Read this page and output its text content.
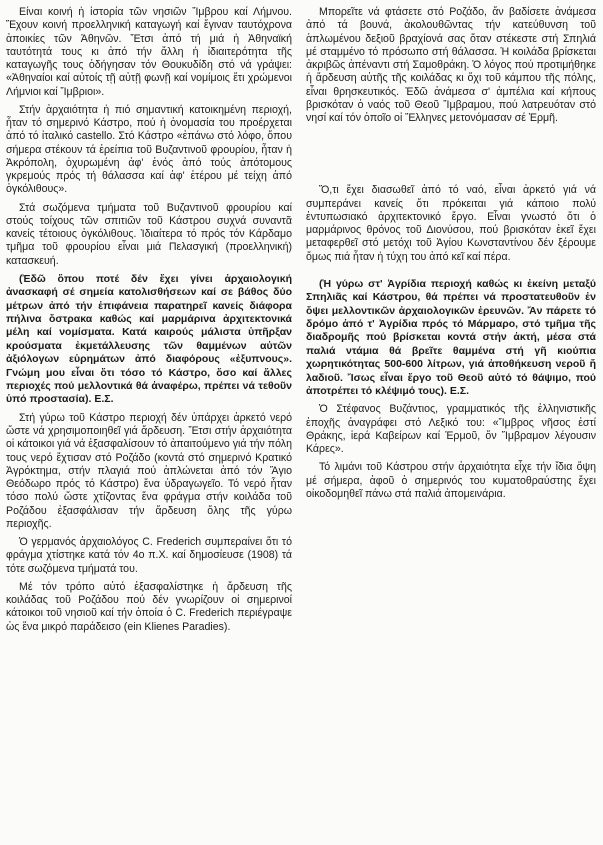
Είναι κοινή ἡ ἱστορία τῶν νησιῶν Ἴμβρου καί Λήμνου. Ἔχουν κοινή προελληνική καταγωγή καί ἔγιναν ταυτόχρονα ἀποικίες τῶν Ἀθηνῶν. Ἔτσι ἀπό τή μιά ἡ Ἀθηναϊκή ταυτότητά τους κι ἀπό τήν ἄλλη ἡ ἰδιαιτερότητα τῆς καταγωγῆς τους ὁδήγησαν τόν Θουκυδίδη στό νά γράψει: «Ἀθηναίοι καί αὐτοίς τῇ αὐτῇ φωνῇ καί νομίμοις ἔτι χρώμενοι Λήμνιοι καί Ἴμβριοι».

Στήν ἀρχαιότητα ἡ πιό σημαντική κατοικημένη περιοχή, ἦταν τό σημερινό Κάστρο, πού ἡ ὀνομασία του προέρχεται ἀπό τό ἰταλικό castello. Στό Κάστρο «ἐπάνω στό λόφο, ὅπου σήμερα στέκουν τά ἐρείπια τοῦ Βυζαντινοῦ φρουρίου, ἦταν ἡ Ἀκρόπολη, ὀχυρωμένη ἀφ' ἑνός ἀπό τούς ἀπότομους γκρεμούς πρός τή θάλασσα καί ἀφ' ἑτέρου μέ τείχη ἀπό ὀγκόλιθους».

Στά σωζόμενα τμήματα τοῦ Βυζαντινοῦ φρουρίου καί στούς τοίχους τῶν σπιτιῶν τοῦ Κάστρου συχνά συναντᾶ κανείς τέτοιους ὀγκόλιθους. Ἰδιαίτερα τό πρός τόν Κάρδαμο τμῆμα τοῦ φρουρίου εἶναι μιά Πελασγική (προελληνική) κατασκευή.

(Ἐδῶ ὅπου ποτέ δέν ἔχει γίνει ἀρχαιολογική ἀνασκαφή σέ σημεία κατολισθήσεων καί σε βάθος δύο μέτρων ἀπό τήν ἐπιφάνεια παρατηρεῖ κανείς διάφορα πήλινα ὄστρακα καθώς καί μαρμάρινα ἀρχιτεκτονικά μέλη καί νομίσματα. Κατά καιρούς μάλιστα ὑπῆρξαν κρούσματα ἐκμετάλλευσης τῶν θαμμένων αὐτῶν ἀξιόλογων εὑρημάτων ἀπό διαφόρους «ἐξυπνους». Γνώμη μου εἶναι ὅτι τόσο τό Κάστρο, ὅσο καί ἄλλες περιοχές πού μελλοντικά θά ἀναφέρω, πρέπει νά τεθοῦν ὑπό προστασία). Ε.Σ.

Στή γύρω τοῦ Κάστρο περιοχή δέν ὑπάρχει ἀρκετό νερό ὥστε νά χρησιμοποιηθεῖ γιά ἄρδευση. Ἔτσι στήν ἀρχαιότητα οἱ κάτοικοι γιά νά ἐξασφαλίσουν τό ἀπαιτούμενο γιά τήν πόλη τους νερό ἔχτισαν στό Ροζάδο (κοντά στό σημερινό Κρατικό Ἀγρόκτημα, στήν πλαγιά πού ἁπλώνεται ἀπό τόν Ἅγιο Θεόδωρο πρός τό Κάστρο) ἕνα ὑδραγωγεῖο. Τό νερό ἦταν τόσο πολύ ὥστε χτίζοντας ἕνα φράγμα στήν κοιλάδα τοῦ Ροζάδου ἐξασφάλισαν τήν ἄρδευση ὅλης τῆς γύρω περιοχῆς.

Ὁ γερμανός ἀρχαιολόγος C. Frederich συμπεραίνει ὅτι τό φράγμα χτίστηκε κατά τόν 4ο π.Χ. καί δημοσίευσε (1908) τά τότε σωζόμενα τμήματά του.

Μέ τόν τρόπο αὐτό ἐξασφαλίστηκε ἡ ἄρδευση τῆς κοιλάδας τοῦ Ροζάδου πού δέν γνωρίζουν οἱ σημερινοί κάτοικοι τοῦ νησιοῦ καί τήν ὁποία ὁ C. Frederich περιέγραψε ὡς ἕνα μικρό παράδεισο (ein Klienes Paradies).

Μπορεῖτε νά φτάσετε στό Ροζάδο, ἄν βαδίσετε ἀνάμεσα ἀπό τά βουνά, ἀκολουθῶντας τήν κατεύθυνση τοῦ ἁπλωμένου δεξιοῦ βραχίονά σας ὅταν στέκεστε στή Σπηλιά μέ σταμμένο τό πρόσωπο στή θάλασσα. Ἡ κοιλάδα βρίσκεται ἀκριβῶς ἀπέναντι στή Σαμοθράκη. Ὁ λόγος πού προτιμήθηκε ἡ ἄρδευση αὐτῆς τῆς κοιλάδας κι ὄχι τοῦ κάμπου τῆς πόλης, εἶναι θρησκευτικός. Ἐδῶ ἀνάμεσα σ' ἀμπέλια καί κήπους βρισκόταν ὁ ναός τοῦ Θεοῦ Ἴμβραμου, πού λατρευόταν στό νησί καί τόν ὁποῖο οἱ Ἕλληνες μετονόμασαν σέ Ἑρμῆ.

Ὅ,τι ἔχει διασωθεῖ ἀπό τό ναό, εἶναι ἀρκετό γιά νά συμπεράνει κανείς ὅτι πρόκειται γιά κάποιο πολύ ἐντυπωσιακό ἀρχιτεκτονικό ἔργο. Εἶναι γνωστό ὅτι ὁ μαρμάρινος θρόνος τοῦ Διονύσου, πού βρισκόταν ἐκεῖ ἔχει μεταφερθεῖ στό μετόχι τοῦ Ἁγίου Κωνσταντίνου δέν ξέρουμε ὅμως πιά ἦταν ἡ τύχη του ἀπό κεῖ καί πέρα.

(Ἡ γύρω στ' Ἀγρίδια περιοχή καθώς κι ἐκείνη μεταξύ Σπηλιᾶς καί Κάστρου, θά πρέπει νά προστατευθοῦν ἐν ὄψει μελλοντικῶν ἀρχαιολογικῶν ἐρευνῶν. Ἄν πάρετε τό δρόμο ἀπό τ' Ἀγρίδια πρός τό Μάρμαρο, στό τμῆμα τῆς διαδρομῆς πού βρίσκεται κοντά στήν ἀκτή, μέσα στά παλιά ντάμια θά βρεῖτε θαμμένα στή γῆ κιούπια χωρητικότητας 500-600 λίτρων, γιά ἀποθήκευση νεροῦ ἤ λαδιοῦ. Ἴσως εἶναι ἔργο τοῦ Θεοῦ αὐτό τό θάψιμο, πού ἀποτρέπει τό κλέψιμό τους). Ε.Σ.

Ὁ Στέφανος Βυζάντιος, γραμματικός τῆς ἑλληνιστικῆς ἐποχῆς ἀναγράφει στό Λεξικό του: «Ἴμβρος νῆσος ἐστί Θράκης, ἱερά Καβείρων καί Ἑρμοῦ, ὅν Ἴμβραμον λέγουσιν Κάρες».

Τό λιμάνι τοῦ Κάστρου στήν ἀρχαιότητα εἶχε τήν ἴδια ὄψη μέ σήμερα, ἀφοῦ ὁ σημερινός του κυματοθραύστης ἔχει οἰκοδομηθεῖ πάνω στά παλιά ἀπομεινάρια.
